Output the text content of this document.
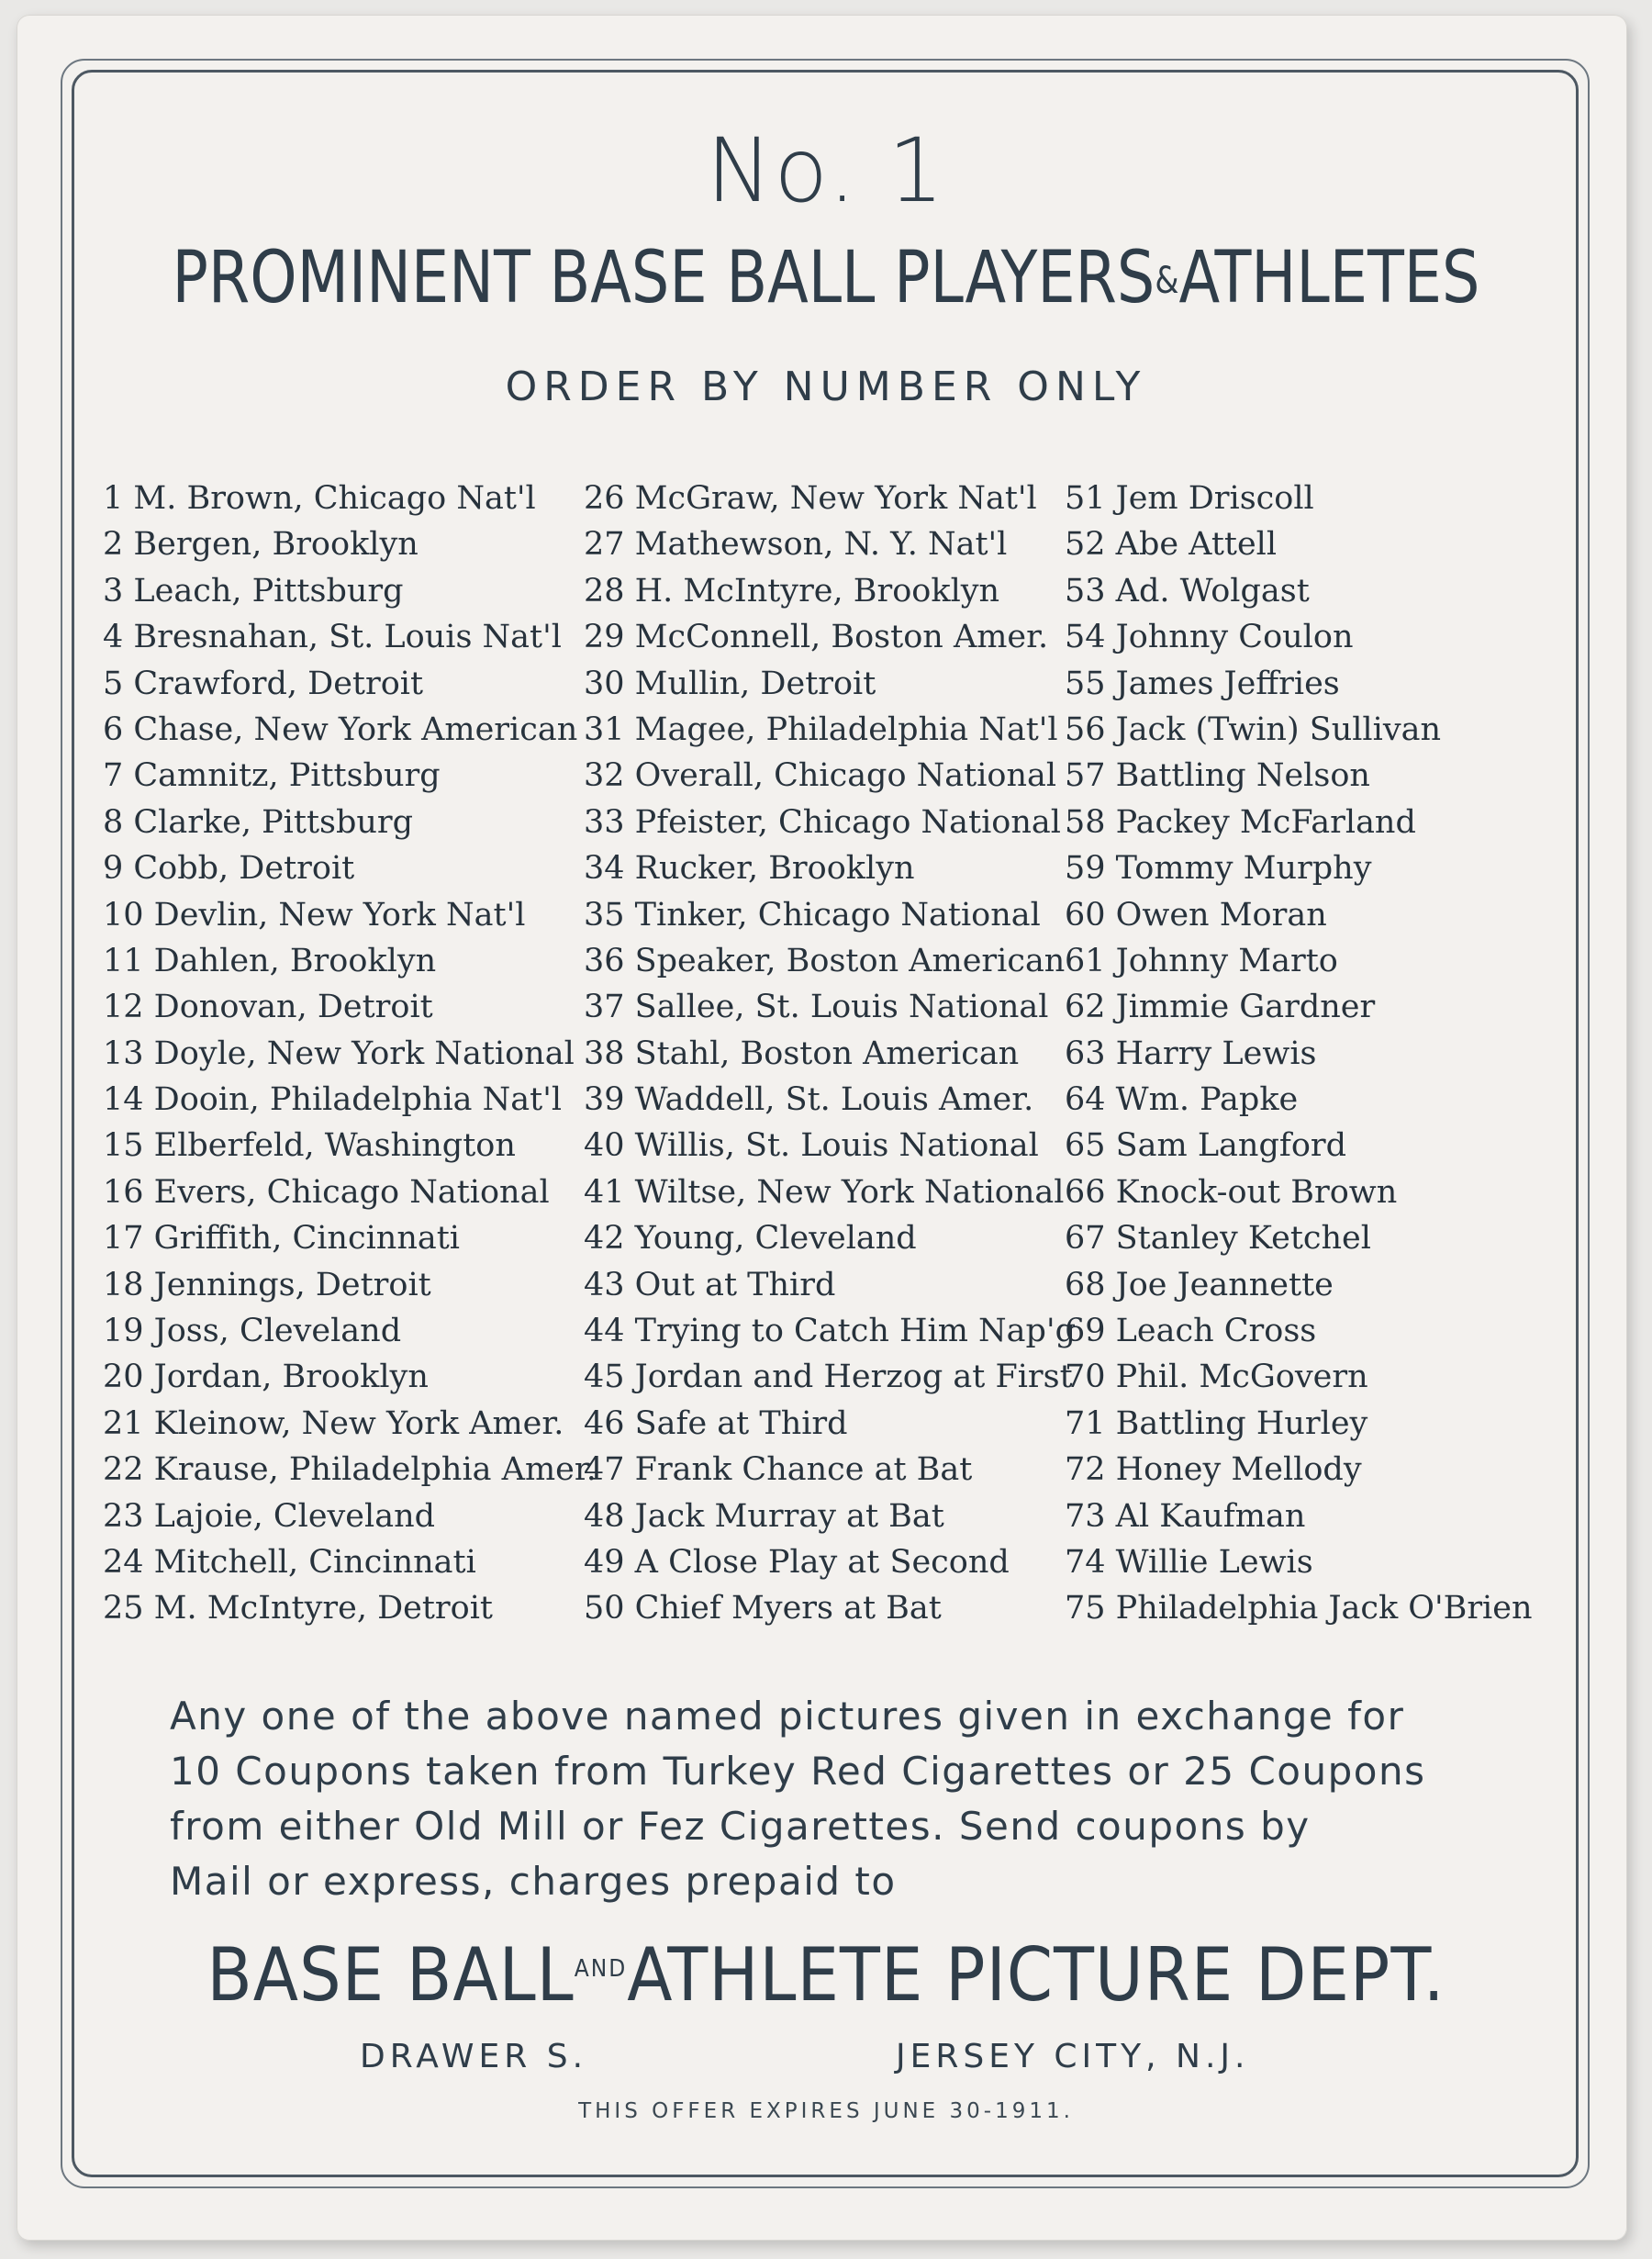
No. 1
PROMINENT BASE BALL PLAYERS&ATHLETES
ORDER BY NUMBER ONLY
1 M. Brown, Chicago Nat'l
2 Bergen, Brooklyn
3 Leach, Pittsburg
4 Bresnahan, St. Louis Nat'l
5 Crawford, Detroit
6 Chase, New York American
7 Camnitz, Pittsburg
8 Clarke, Pittsburg
9 Cobb, Detroit
10 Devlin, New York Nat'l
11 Dahlen, Brooklyn
12 Donovan, Detroit
13 Doyle, New York National
14 Dooin, Philadelphia Nat'l
15 Elberfeld, Washington
16 Evers, Chicago National
17 Griffith, Cincinnati
18 Jennings, Detroit
19 Joss, Cleveland
20 Jordan, Brooklyn
21 Kleinow, New York Amer.
22 Krause, Philadelphia Amer.
23 Lajoie, Cleveland
24 Mitchell, Cincinnati
25 M. McIntyre, Detroit
26 McGraw, New York Nat'l
27 Mathewson, N. Y. Nat'l
28 H. McIntyre, Brooklyn
29 McConnell, Boston Amer.
30 Mullin, Detroit
31 Magee, Philadelphia Nat'l
32 Overall, Chicago National
33 Pfeister, Chicago National
34 Rucker, Brooklyn
35 Tinker, Chicago National
36 Speaker, Boston American
37 Sallee, St. Louis National
38 Stahl, Boston American
39 Waddell, St. Louis Amer.
40 Willis, St. Louis National
41 Wiltse, New York National
42 Young, Cleveland
43 Out at Third
44 Trying to Catch Him Nap'g
45 Jordan and Herzog at First
46 Safe at Third
47 Frank Chance at Bat
48 Jack Murray at Bat
49 A Close Play at Second
50 Chief Myers at Bat
51 Jem Driscoll
52 Abe Attell
53 Ad. Wolgast
54 Johnny Coulon
55 James Jeffries
56 Jack (Twin) Sullivan
57 Battling Nelson
58 Packey McFarland
59 Tommy Murphy
60 Owen Moran
61 Johnny Marto
62 Jimmie Gardner
63 Harry Lewis
64 Wm. Papke
65 Sam Langford
66 Knock-out Brown
67 Stanley Ketchel
68 Joe Jeannette
69 Leach Cross
70 Phil. McGovern
71 Battling Hurley
72 Honey Mellody
73 Al Kaufman
74 Willie Lewis
75 Philadelphia Jack O'Brien
Any one of the above named pictures given in exchange for
10 Coupons taken from Turkey Red Cigarettes or 25 Coupons
from either Old Mill or Fez Cigarettes. Send coupons by
Mail or express, charges prepaid to
BASE $BALL^{AND}ATHLETE$ PICTURE DEPT.
DRAWER S.	JERSEY CITY, N.J.
THIS OFFER EXPIRES JUNE 30-1911.
